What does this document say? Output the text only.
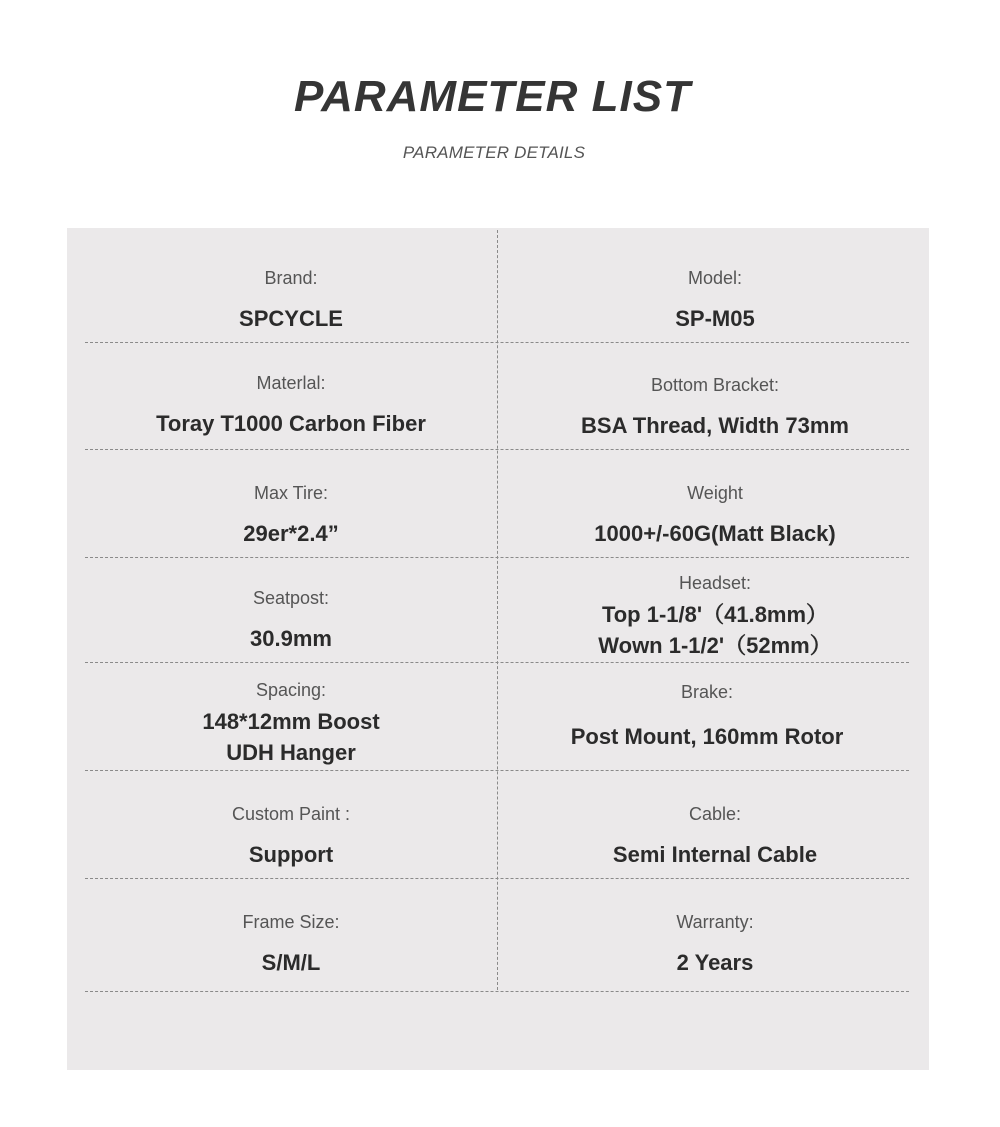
PARAMETER LIST
PARAMETER DETAILS
Brand:
SPCYCLE
Model:
SP-M05
Materlal:
Toray T1000 Carbon Fiber
Bottom Bracket:
BSA Thread, Width 73mm
Max Tire:
29er*2.4”
Weight
1000+/-60G(Matt Black)
Seatpost:
30.9mm
Headset:
Top 1-1/8'（41.8mm）
Wown 1-1/2'（52mm）
Spacing:
148*12mm Boost
UDH Hanger
Brake:
Post Mount, 160mm Rotor
Custom Paint :
Support
Cable:
Semi Internal Cable
Frame Size:
S/M/L
Warranty:
2 Years
